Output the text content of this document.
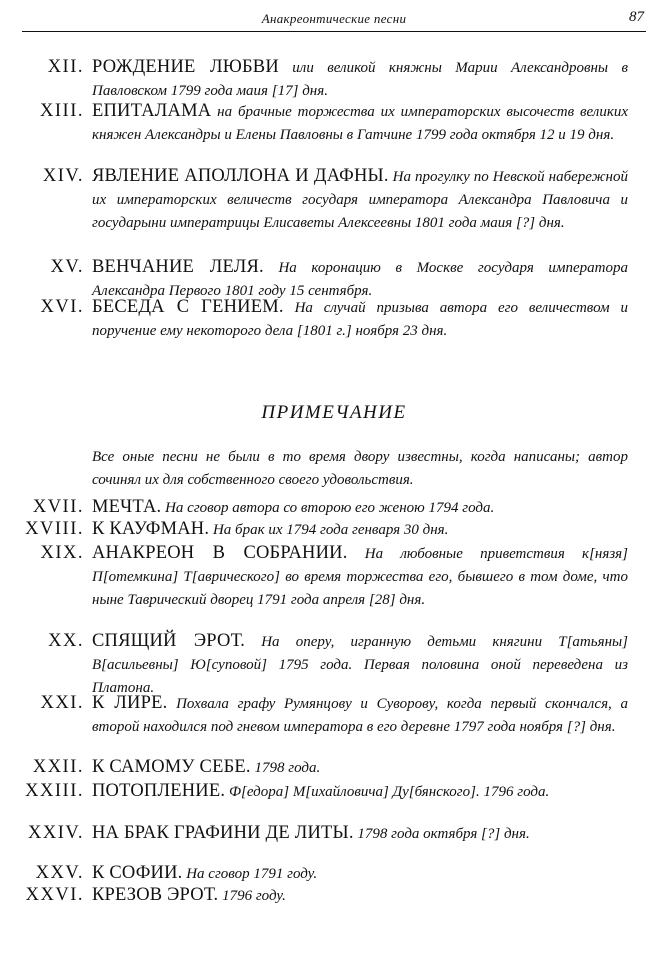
Анакреонтические песни	87
XII. РОЖДЕНИЕ ЛЮБВИ или великой княжны Марии Александровны в Павловском 1799 года маия [17] дня.
XIII. ЕПИТАЛАМА на брачные торжества их императорских высочеств великих княжен Александры и Елены Павловны в Гатчине 1799 года октября 12 и 19 дня.
XIV. ЯВЛЕНИЕ АПОЛЛОНА И ДАФНЫ. На прогулку по Невской набережной их императорских величеств государя императора Александра Павловича и государыни императрицы Елисаветы Алексеевны 1801 года маия [?] дня.
XV. ВЕНЧАНИЕ ЛЕЛЯ. На коронацию в Москве государя императора Александра Первого 1801 году 15 сентября.
XVI. БЕСЕДА С ГЕНИЕМ. На случай призыва автора его величеством и поручение ему некоторого дела [1801 г.] ноября 23 дня.
ПРИМЕЧАНИЕ
Все оные песни не были в то время двору известны, когда написаны; автор сочинял их для собственного своего удовольствия.
XVII. МЕЧТА. На сговор автора со второю его женою 1794 года.
XVIII. К КАУФМАН. На брак их 1794 года генваря 30 дня.
XIX. АНАКРЕОН В СОБРАНИИ. На любовные приветствия к[нязя] П[отемкина] Т[аврического] во время торжества его, бывшего в том доме, что ныне Таврический дворец 1791 года апреля [28] дня.
XX. СПЯЩИЙ ЭРОТ. На оперу, игранную детьми княгини Т[атьяны] В[асильевны] Ю[суповой] 1795 года. Первая половина оной переведена из Платона.
XXI. К ЛИРЕ. Похвала графу Румянцову и Суворову, когда первый скончался, а второй находился под гневом императора в его деревне 1797 года ноября [?] дня.
XXII. К САМОМУ СЕБЕ. 1798 года.
XXIII. ПОТОПЛЕНИЕ. Ф[едора] М[ихайловича] Ду[бянского]. 1796 года.
XXIV. НА БРАК ГРАФИНИ ДЕ ЛИТЫ. 1798 года октября [?] дня.
XXV. К СОФИИ. На сговор 1791 году.
XXVI. КРЕЗОВ ЭРОТ. 1796 году.
